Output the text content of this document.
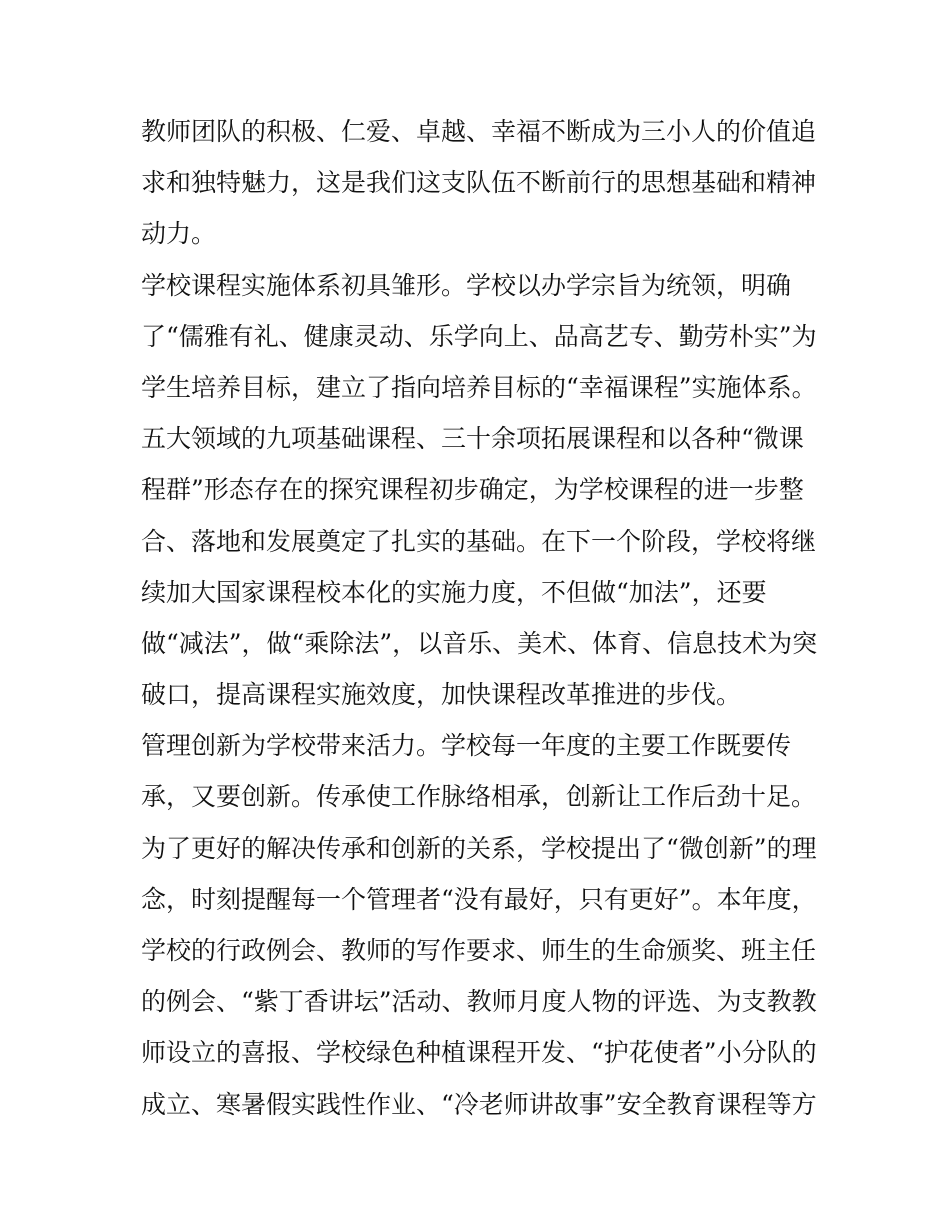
教师团队的积极、仁爱、卓越、幸福不断成为三小人的价值追
求和独特魅力，这是我们这支队伍不断前行的思想基础和精神
动力。
学校课程实施体系初具雏形。学校以办学宗旨为统领，明确
了“儒雅有礼、健康灵动、乐学向上、品高艺专、勤劳朴实”为
学生培养目标，建立了指向培养目标的“幸福课程”实施体系。
五大领域的九项基础课程、三十余项拓展课程和以各种“微课
程群”形态存在的探究课程初步确定，为学校课程的进一步整
合、落地和发展奠定了扎实的基础。在下一个阶段，学校将继
续加大国家课程校本化的实施力度，不但做“加法”，还要
做“减法”，做“乘除法”，以音乐、美术、体育、信息技术为突
破口，提高课程实施效度，加快课程改革推进的步伐。
管理创新为学校带来活力。学校每一年度的主要工作既要传
承，又要创新。传承使工作脉络相承，创新让工作后劲十足。
为了更好的解决传承和创新的关系，学校提出了“微创新”的理
念，时刻提醒每一个管理者“没有最好，只有更好”。本年度，
学校的行政例会、教师的写作要求、师生的生命颁奖、班主任
的例会、“紫丁香讲坛”活动、教师月度人物的评选、为支教教
师设立的喜报、学校绿色种植课程开发、“护花使者”小分队的
成立、寒暑假实践性作业、“冷老师讲故事”安全教育课程等方
